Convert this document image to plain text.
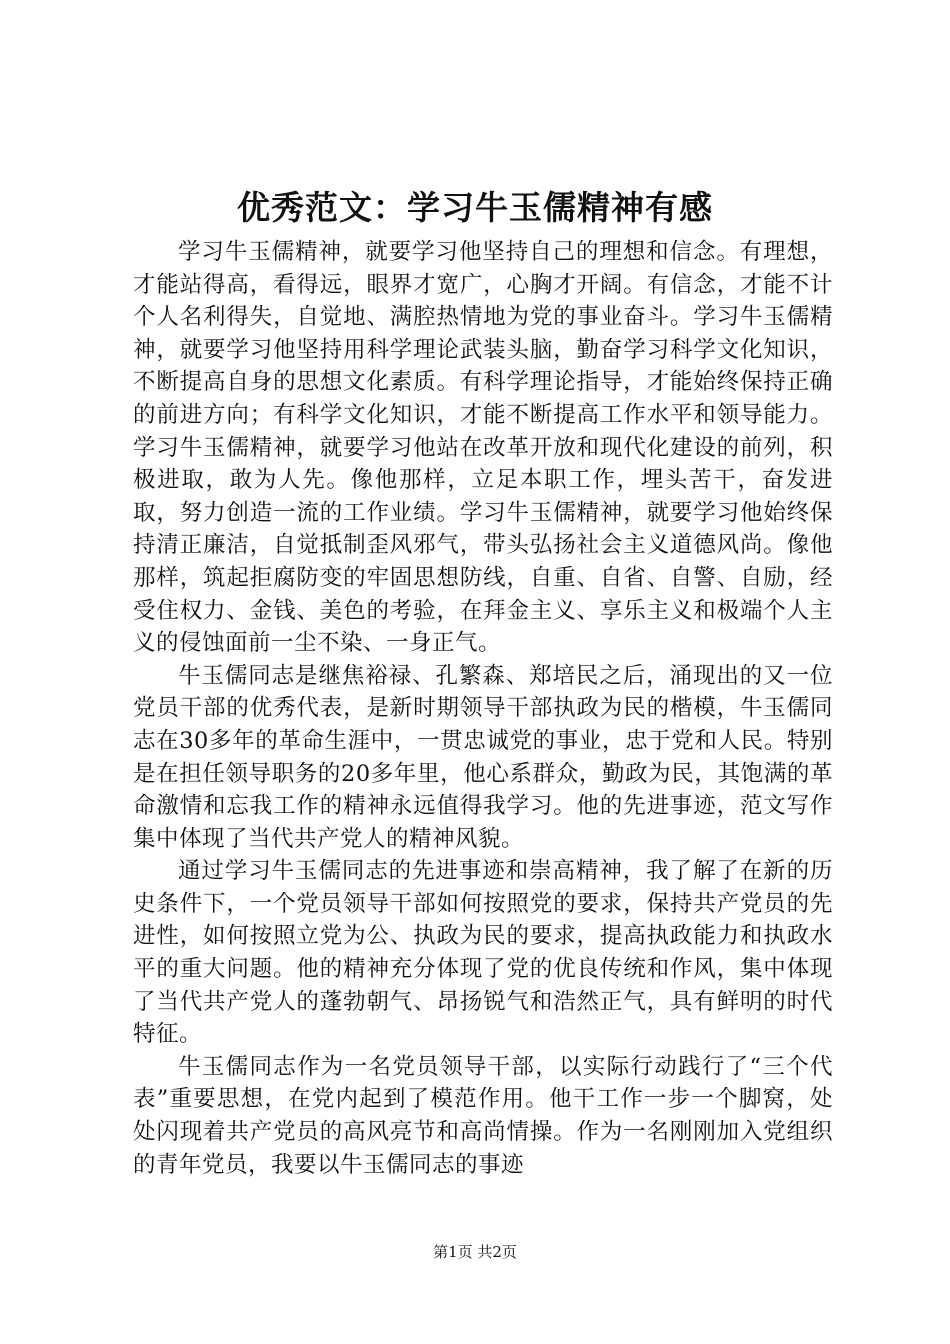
优秀范文：学习牛玉儒精神有感

学习牛玉儒精神，就要学习他坚持自己的理想和信念。有理想，才能站得高，看得远，眼界才宽广，心胸才开阔。有信念，才能不计个人名利得失，自觉地、满腔热情地为党的事业奋斗。学习牛玉儒精神，就要学习他坚持用科学理论武装头脑，勤奋学习科学文化知识，不断提高自身的思想文化素质。有科学理论指导，才能始终保持正确的前进方向；有科学文化知识，才能不断提高工作水平和领导能力。学习牛玉儒精神，就要学习他站在改革开放和现代化建设的前列，积极进取，敢为人先。像他那样，立足本职工作，埋头苦干，奋发进取，努力创造一流的工作业绩。学习牛玉儒精神，就要学习他始终保持清正廉洁，自觉抵制歪风邪气，带头弘扬社会主义道德风尚。像他那样，筑起拒腐防变的牢固思想防线，自重、自省、自警、自励，经受住权力、金钱、美色的考验，在拜金主义、享乐主义和极端个人主义的侵蚀面前一尘不染、一身正气。

牛玉儒同志是继焦裕禄、孔繁森、郑培民之后，涌现出的又一位党员干部的优秀代表，是新时期领导干部执政为民的楷模，牛玉儒同志在30多年的革命生涯中，一贯忠诚党的事业，忠于党和人民。特别是在担任领导职务的20多年里，他心系群众，勤政为民，其饱满的革命激情和忘我工作的精神永远值得我学习。他的先进事迹，范文写作集中体现了当代共产党人的精神风貌。

通过学习牛玉儒同志的先进事迹和崇高精神，我了解了在新的历史条件下，一个党员领导干部如何按照党的要求，保持共产党员的先进性，如何按照立党为公、执政为民的要求，提高执政能力和执政水平的重大问题。他的精神充分体现了党的优良传统和作风，集中体现了当代共产党人的蓬勃朝气、昂扬锐气和浩然正气，具有鲜明的时代特征。

牛玉儒同志作为一名党员领导干部，以实际行动践行了“三个代表”重要思想，在党内起到了模范作用。他干工作一步一个脚窝，处处闪现着共产党员的高风亮节和高尚情操。作为一名刚刚加入党组织的青年党员，我要以牛玉儒同志的事迹

第1页 共2页
